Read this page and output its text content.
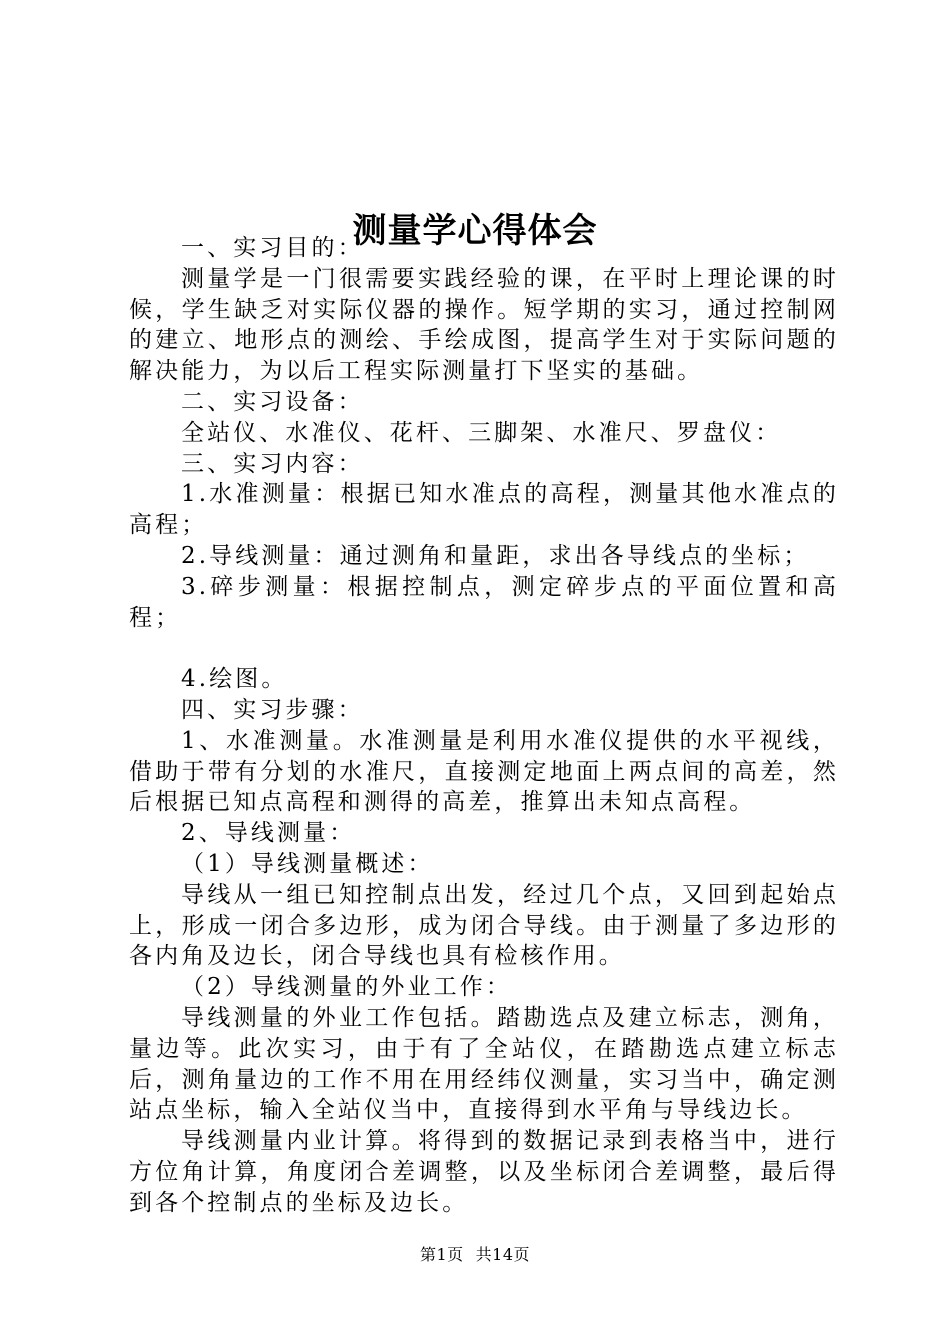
测量学心得体会

一、实习目的：

测量学是一门很需要实践经验的课，在平时上理论课的时候，学生缺乏对实际仪器的操作。短学期的实习，通过控制网的建立、地形点的测绘、手绘成图，提高学生对于实际问题的解决能力，为以后工程实际测量打下坚实的基础。

二、实习设备：

全站仪、水准仪、花杆、三脚架、水准尺、罗盘仪：

三、实习内容：

1.水准测量：根据已知水准点的高程，测量其他水准点的高程；

2.导线测量：通过测角和量距，求出各导线点的坐标；

3.碎步测量：根据控制点，测定碎步点的平面位置和高程；

4.绘图。

四、实习步骤：

1、水准测量。水准测量是利用水准仪提供的水平视线，借助于带有分划的水准尺，直接测定地面上两点间的高差，然后根据已知点高程和测得的高差，推算出未知点高程。

2、导线测量：

（1）导线测量概述：

导线从一组已知控制点出发，经过几个点，又回到起始点上，形成一闭合多边形，成为闭合导线。由于测量了多边形的各内角及边长，闭合导线也具有检核作用。

（2）导线测量的外业工作：

导线测量的外业工作包括。踏勘选点及建立标志，测角，量边等。此次实习，由于有了全站仪，在踏勘选点建立标志后，测角量边的工作不用在用经纬仪测量，实习当中，确定测站点坐标，输入全站仪当中，直接得到水平角与导线边长。

导线测量内业计算。将得到的数据记录到表格当中，进行方位角计算，角度闭合差调整，以及坐标闭合差调整，最后得到各个控制点的坐标及边长。

第1页 共14页
